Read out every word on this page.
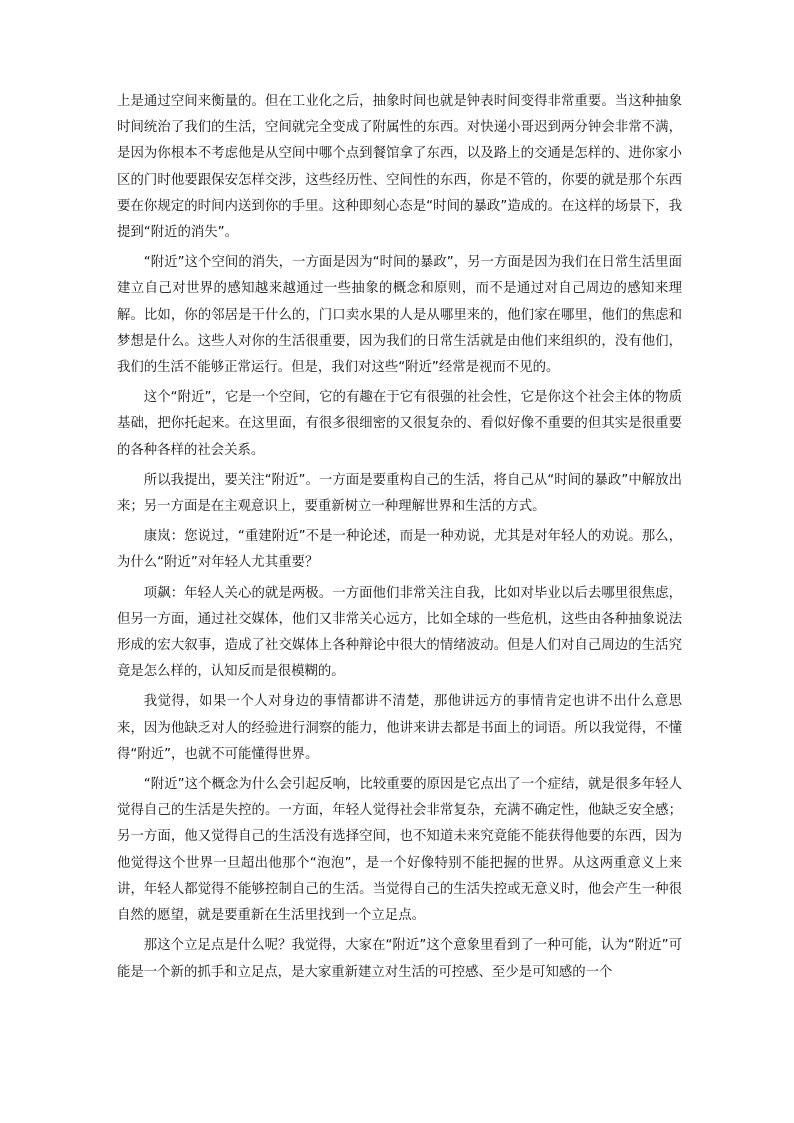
上是通过空间来衡量的。但在工业化之后，抽象时间也就是钟表时间变得非常重要。当这种抽象时间统治了我们的生活，空间就完全变成了附属性的东西。对快递小哥迟到两分钟会非常不满，是因为你根本不考虑他是从空间中哪个点到餐馆拿了东西，以及路上的交通是怎样的、进你家小区的门时他要跟保安怎样交涉，这些经历性、空间性的东西，你是不管的，你要的就是那个东西要在你规定的时间内送到你的手里。这种即刻心态是“时间的暴政”造成的。在这样的场景下，我提到“附近的消失”。

“附近”这个空间的消失，一方面是因为“时间的暴政”，另一方面是因为我们在日常生活里面建立自己对世界的感知越来越通过一些抽象的概念和原则，而不是通过对自己周边的感知来理解。比如，你的邻居是干什么的，门口卖水果的人是从哪里来的，他们家在哪里，他们的焦虑和梦想是什么。这些人对你的生活很重要，因为我们的日常生活就是由他们来组织的，没有他们，我们的生活不能够正常运行。但是，我们对这些“附近”经常是视而不见的。

这个“附近”，它是一个空间，它的有趣在于它有很强的社会性，它是你这个社会主体的物质基础，把你托起来。在这里面，有很多很细密的又很复杂的、看似好像不重要的但其实是很重要的各种各样的社会关系。

所以我提出，要关注“附近”。一方面是要重构自己的生活，将自己从“时间的暴政”中解放出来；另一方面是在主观意识上，要重新树立一种理解世界和生活的方式。

康岚：您说过，“重建附近”不是一种论述，而是一种劝说，尤其是对年轻人的劝说。那么，为什么“附近”对年轻人尤其重要？

项飙：年轻人关心的就是两极。一方面他们非常关注自我，比如对毕业以后去哪里很焦虑，但另一方面，通过社交媒体，他们又非常关心远方，比如全球的一些危机，这些由各种抽象说法形成的宏大叙事，造成了社交媒体上各种辩论中很大的情绪波动。但是人们对自己周边的生活究竟是怎么样的，认知反而是很模糊的。

我觉得，如果一个人对身边的事情都讲不清楚，那他讲远方的事情肯定也讲不出什么意思来，因为他缺乏对人的经验进行洞察的能力，他讲来讲去都是书面上的词语。所以我觉得，不懂得“附近”，也就不可能懂得世界。

“附近”这个概念为什么会引起反响，比较重要的原因是它点出了一个症结，就是很多年轻人觉得自己的生活是失控的。一方面，年轻人觉得社会非常复杂，充满不确定性，他缺乏安全感；另一方面，他又觉得自己的生活没有选择空间，也不知道未来究竟能不能获得他要的东西，因为他觉得这个世界一旦超出他那个“泡泡”，是一个好像特别不能把握的世界。从这两重意义上来讲，年轻人都觉得不能够控制自己的生活。当觉得自己的生活失控或无意义时，他会产生一种很自然的愿望，就是要重新在生活里找到一个立足点。

那这个立足点是什么呢？我觉得，大家在“附近”这个意象里看到了一种可能，认为“附近”可能是一个新的抓手和立足点，是大家重新建立对生活的可控感、至少是可知感的一个
